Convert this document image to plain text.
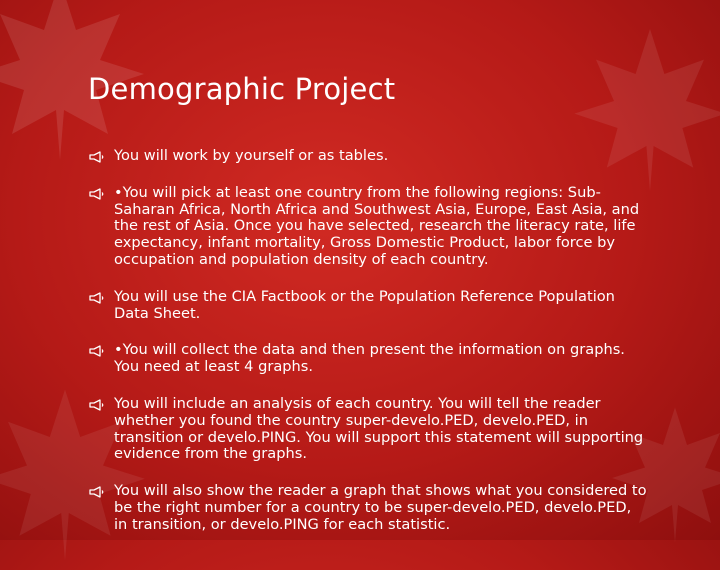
Demographic Project
You will work by yourself or as tables.
•You will pick at least one country from the following regions: Sub-Saharan Africa, North Africa and Southwest Asia, Europe, East Asia, and the rest of Asia. Once you have selected, research the literacy rate, life expectancy, infant mortality, Gross Domestic Product, labor force by occupation and population density of each country.
You will use the CIA Factbook or the Population Reference Population Data Sheet.
•You will collect the data and then present the information on graphs. You need at least 4 graphs.
You will include an analysis of each country. You will tell the reader whether you found the country super-develo.PED, develo.PED, in transition or develo.PING. You will support this statement will supporting evidence from the graphs.
You will also show the reader a graph that shows what you considered to be the right number for a country to be super-develo.PED, develo.PED, in transition, or develo.PING for each statistic.
